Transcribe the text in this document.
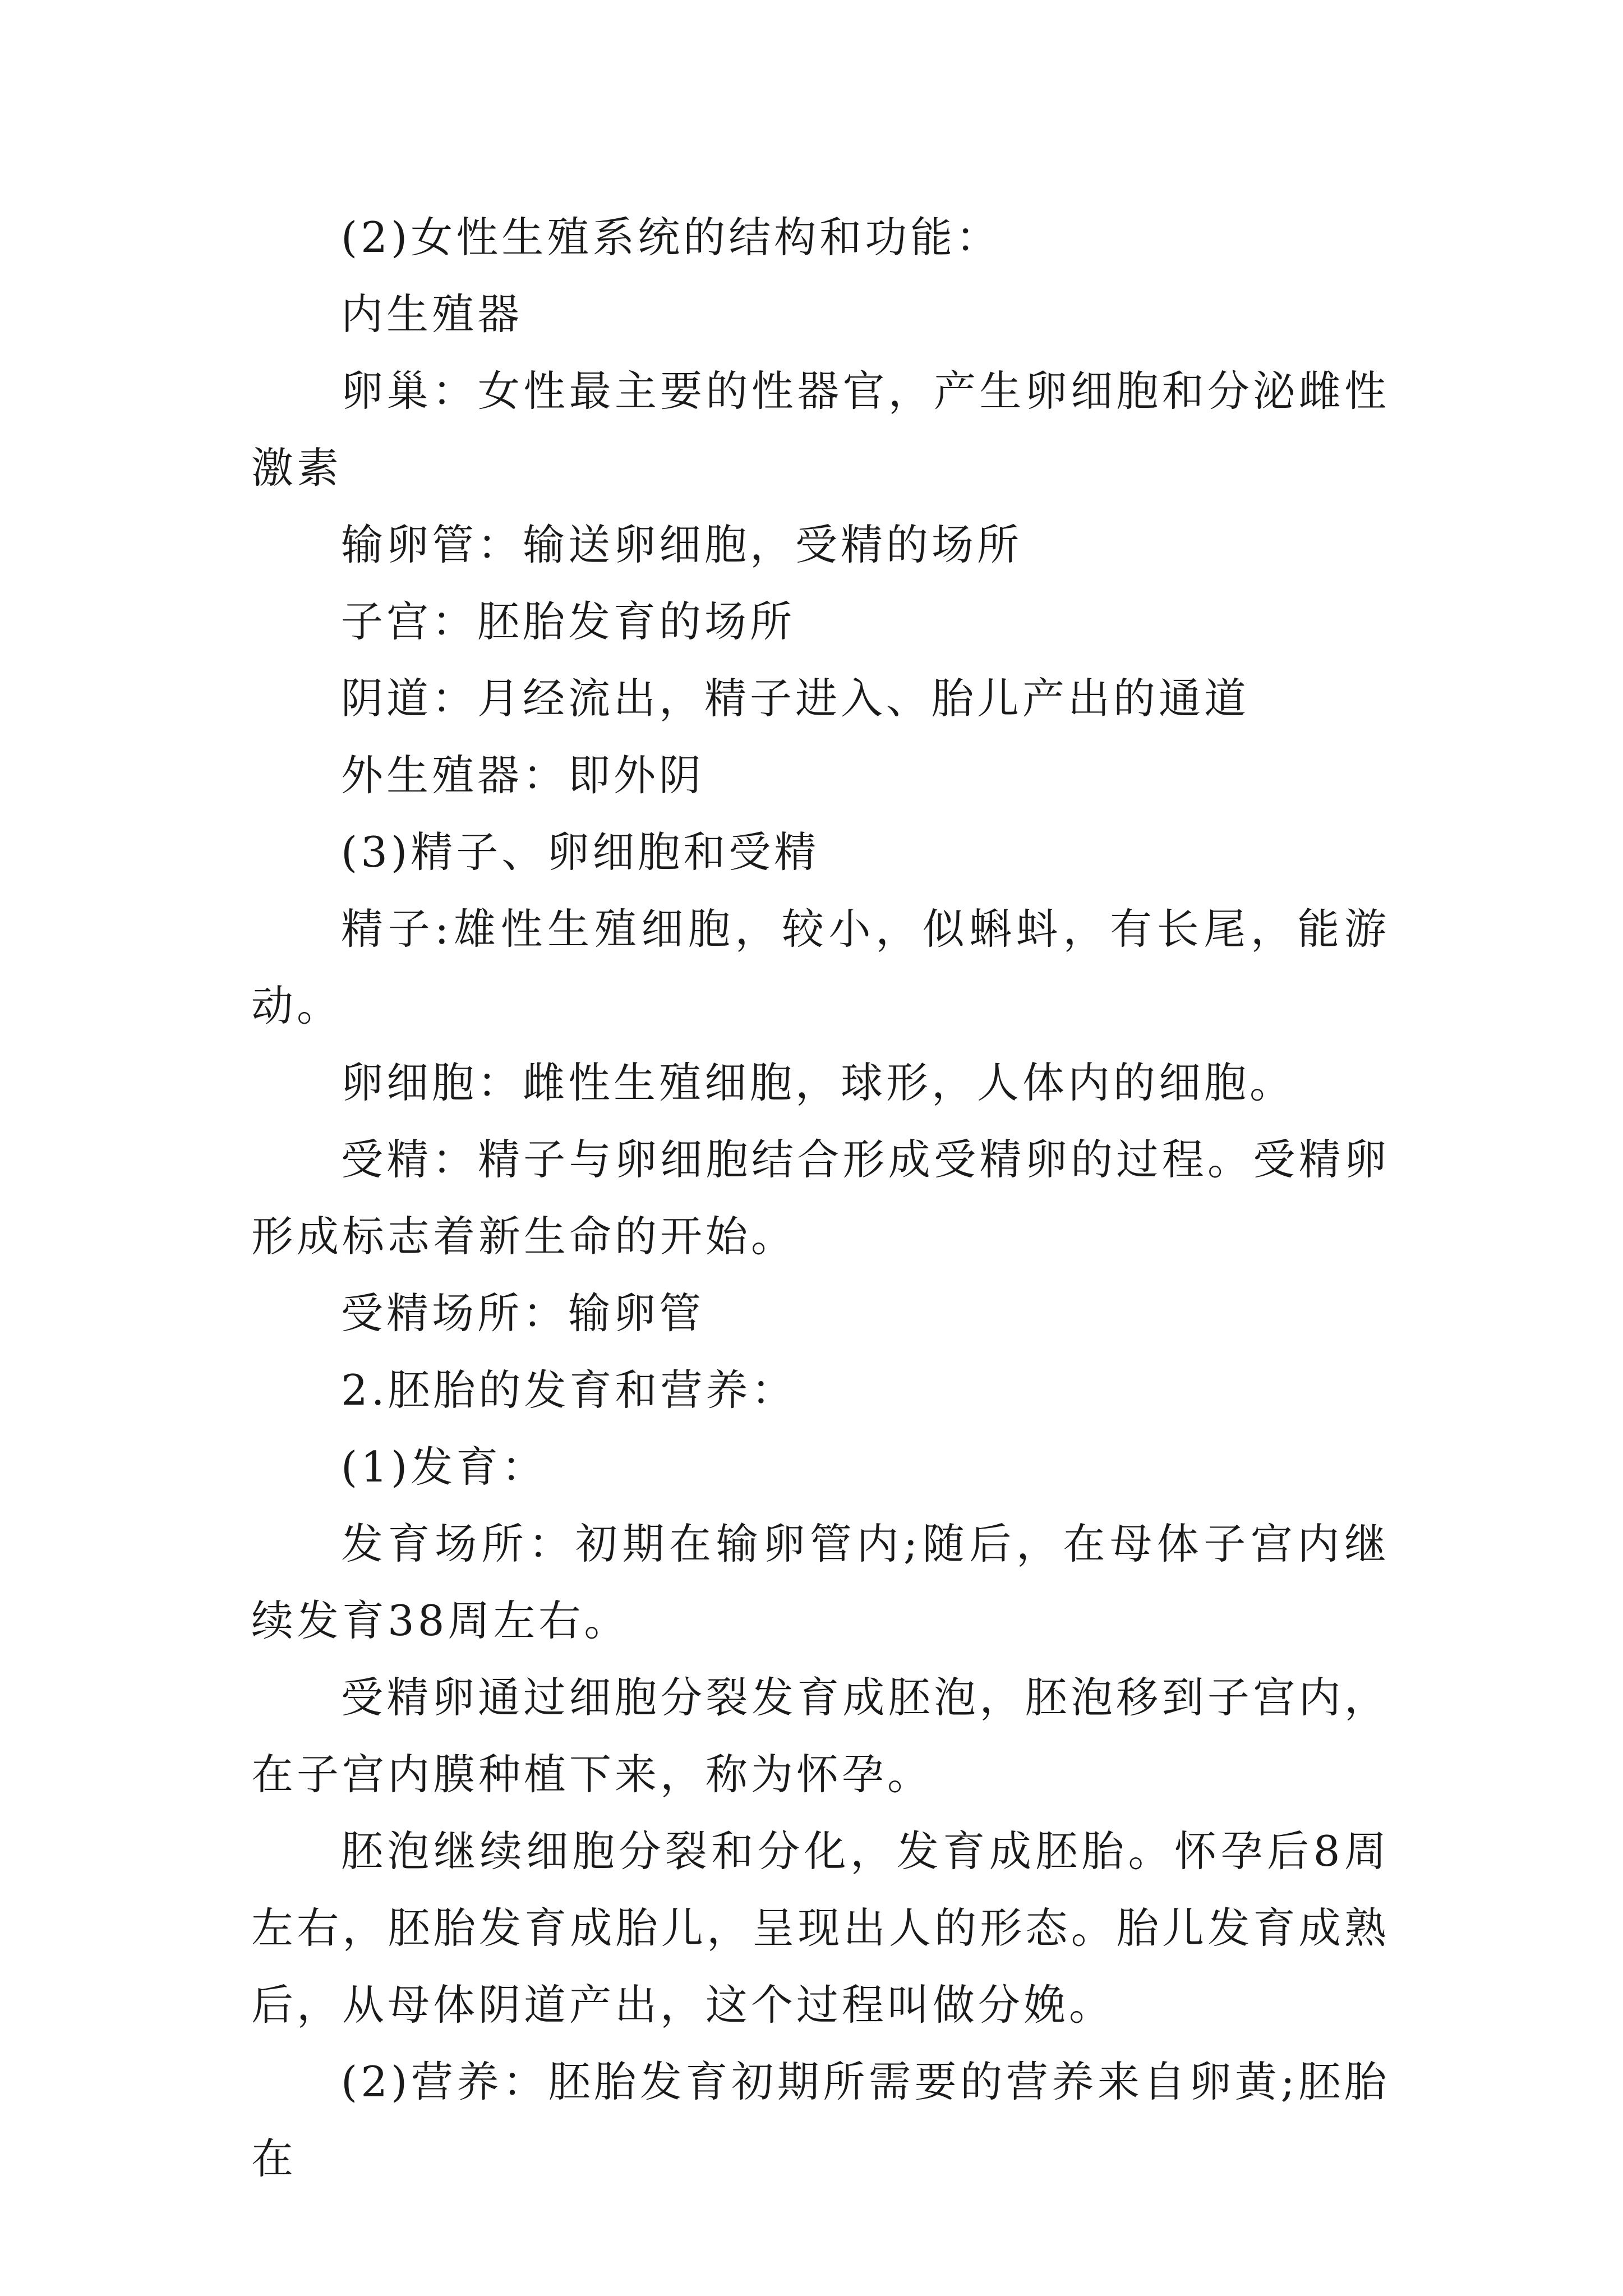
(2)女性生殖系统的结构和功能：

内生殖器

卵巢：女性最主要的性器官，产生卵细胞和分泌雌性激素

输卵管：输送卵细胞，受精的场所

子宫：胚胎发育的场所

阴道：月经流出，精子进入、胎儿产出的通道

外生殖器：即外阴

(3)精子、卵细胞和受精

精子:雄性生殖细胞，较小，似蝌蚪，有长尾，能游动。

卵细胞：雌性生殖细胞，球形，人体内的细胞。

受精：精子与卵细胞结合形成受精卵的过程。受精卵形成标志着新生命的开始。

受精场所：输卵管

2.胚胎的发育和营养：

(1)发育：

发育场所：初期在输卵管内;随后，在母体子宫内继续发育38周左右。

受精卵通过细胞分裂发育成胚泡，胚泡移到子宫内，在子宫内膜种植下来，称为怀孕。

胚泡继续细胞分裂和分化，发育成胚胎。怀孕后8周左右，胚胎发育成胎儿，呈现出人的形态。胎儿发育成熟后，从母体阴道产出，这个过程叫做分娩。

(2)营养：胚胎发育初期所需要的营养来自卵黄;胚胎在
